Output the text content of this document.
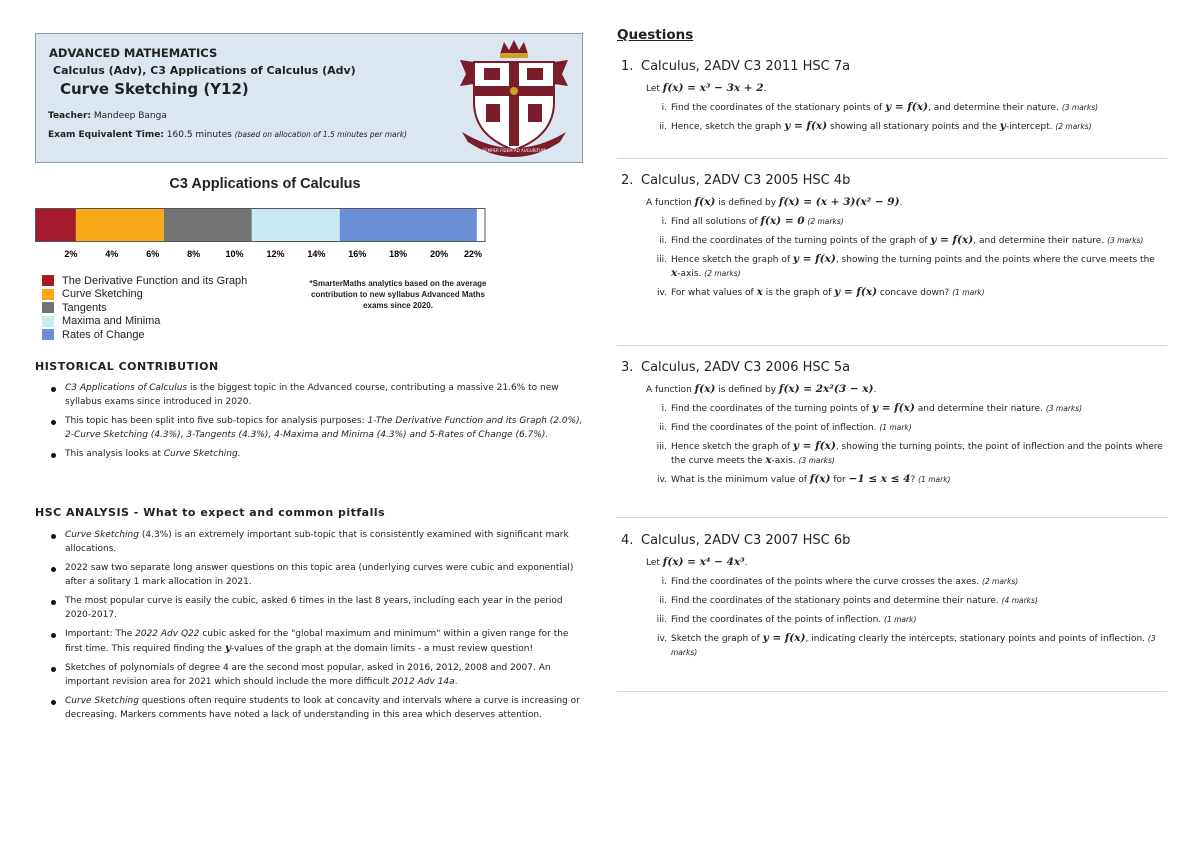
ADVANCED MATHEMATICS
Calculus (Adv), C3 Applications of Calculus (Adv)
Curve Sketching (Y12)
Teacher: Mandeep Banga
Exam Equivalent Time: 160.5 minutes (based on allocation of 1.5 minutes per mark)
SEMPER FIDEM AD AUGURITUM
C3 Applications of Calculus
2%	4%	6%	8%	10%	12%	14%	16%	18%	20% 22%
The Derivative Function and its Graph
Curve Sketching
Tangents
Maxima and Minima
Rates of Change
*SmarterMaths analytics based on the average contribution to new syllabus Advanced Maths exams since 2020.
HISTORICAL CONTRIBUTION
C3 Applications of Calculus is the biggest topic in the Advanced course, contributing a massive 21.6% to new syllabus exams since introduced in 2020.
This topic has been split into five sub-topics for analysis purposes: 1-The Derivative Function and its Graph (2.0%), 2-Curve Sketching (4.3%), 3-Tangents (4.3%), 4-Maxima and Minima (4.3%) and 5-Rates of Change (6.7%).
This analysis looks at Curve Sketching.
HSC ANALYSIS - What to expect and common pitfalls
Curve Sketching (4.3%) is an extremely important sub-topic that is consistently examined with significant mark allocations.
2022 saw two separate long answer questions on this topic area (underlying curves were cubic and exponential) after a solitary 1 mark allocation in 2021.
The most popular curve is easily the cubic, asked 6 times in the last 8 years, including each year in the period 2020-2017.
Important: The 2022 Adv Q22 cubic asked for the "global maximum and minimum" within a given range for the first time. This required finding the y-values of the graph at the domain limits - a must review question!
Sketches of polynomials of degree 4 are the second most popular, asked in 2016, 2012, 2008 and 2007. An important revision area for 2021 which should include the more difficult 2012 Adv 14a.
Curve Sketching questions often require students to look at concavity and intervals where a curve is increasing or decreasing. Markers comments have noted a lack of understanding in this area which deserves attention.
Questions
1. Calculus, 2ADV C3 2011 HSC 7a
Let f(x) = x³ − 3x + 2.
i. Find the coordinates of the stationary points of y = f(x), and determine their nature. (3 marks)
ii. Hence, sketch the graph y = f(x) showing all stationary points and the y-intercept. (2 marks)
2. Calculus, 2ADV C3 2005 HSC 4b
A function f(x) is defined by f(x) = (x + 3)(x² − 9).
i. Find all solutions of f(x) = 0 (2 marks)
ii. Find the coordinates of the turning points of the graph of y = f(x), and determine their nature. (3 marks)
iii. Hence sketch the graph of y = f(x), showing the turning points and the points where the curve meets the x-axis. (2 marks)
iv. For what values of x is the graph of y = f(x) concave down? (1 mark)
3. Calculus, 2ADV C3 2006 HSC 5a
A function f(x) is defined by f(x) = 2x²(3 − x).
i. Find the coordinates of the turning points of y = f(x) and determine their nature. (3 marks)
ii. Find the coordinates of the point of inflection. (1 mark)
iii. Hence sketch the graph of y = f(x), showing the turning points, the point of inflection and the points where the curve meets the x-axis. (3 marks)
iv. What is the minimum value of f(x) for −1 ≤ x ≤ 4? (1 mark)
4. Calculus, 2ADV C3 2007 HSC 6b
Let f(x) = x⁴ − 4x³.
i. Find the coordinates of the points where the curve crosses the axes. (2 marks)
ii. Find the coordinates of the stationary points and determine their nature. (4 marks)
iii. Find the coordinates of the points of inflection. (1 mark)
iv. Sketch the graph of y = f(x), indicating clearly the intercepts, stationary points and points of inflection. (3 marks)
